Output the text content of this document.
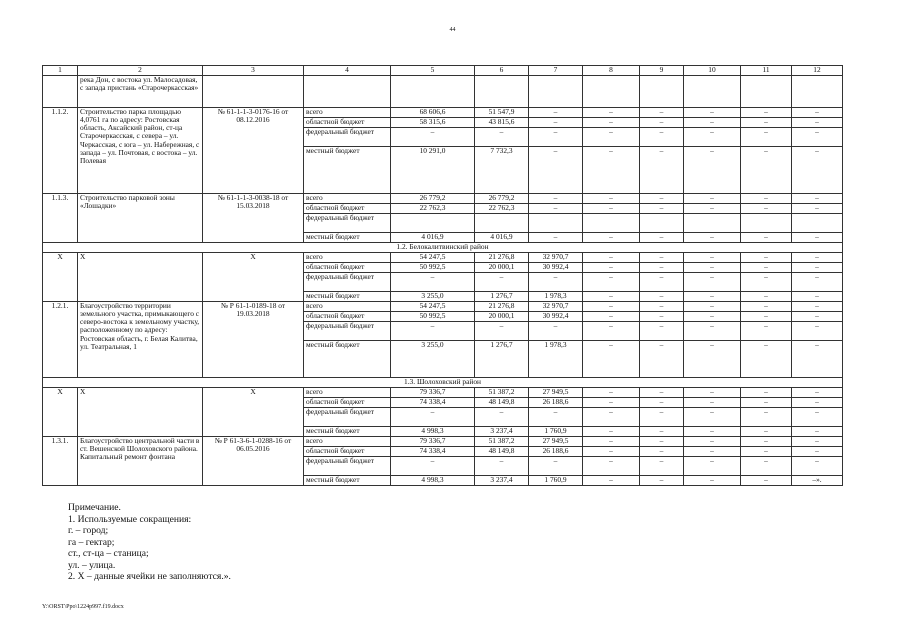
44
1	2	3	4	5	6	7	8	9	10	11	12
	река Дон, с востока ул. Малосадовая, с запада пристань «Старочеркасская»										
1.1.2.	Строительство парка площадью 4,0761 га по адресу: Ростовская область, Аксайский район, ст-ца Старочеркасская, с севера – ул. Черкасская, с юга – ул. Набережная, с запада – ул. Почтовая, с востока – ул. Полевая	№ 61-1-1-3-0176-16 от 08.12.2016	всего	68 606,6	51 547,9	–	–	–	–	–	–
			областной бюджет	58 315,6	43 815,6	–	–	–	–	–	–
			федеральный бюджет	–	–	–	–	–	–	–	–
			местный бюджет	10 291,0	7 732,3	–	–	–	–	–	–
1.1.3.	Строительство парковой зоны «Лошадки»	№ 61-1-1-3-0038-18 от 15.03.2018	всего	26 779,2	26 779,2	–	–	–	–	–	–
			областной бюджет	22 762,3	22 762,3	–	–	–	–	–	–
			федеральный бюджет								
			местный бюджет	4 016,9	4 016,9	–	–	–	–	–	–
1.2. Белокалитвинский район											
Х	Х	Х	всего	54 247,5	21 276,8	32 970,7	–	–	–	–	–
			областной бюджет	50 992,5	20 000,1	30 992,4	–	–	–	–	–
			федеральный бюджет	–	–	–	–	–	–	–	–
			местный бюджет	3 255,0	1 276,7	1 978,3	–	–	–	–	–
1.2.1.	Благоустройство территории земельного участка, примыкающего с северо-востока к земельному участку, расположенному по адресу: Ростовская область, г. Белая Калитва, ул. Театральная, 1	№ Р 61-1-0189-18 от 19.03.2018	всего	54 247,5	21 276,8	32 970,7	–	–	–	–	–
			областной бюджет	50 992,5	20 000,1	30 992,4	–	–	–	–	–
			федеральный бюджет	–	–	–	–	–	–	–	–
			местный бюджет	3 255,0	1 276,7	1 978,3	–	–	–	–	–
1.3. Шолоховский район											
Х	Х	Х	всего	79 336,7	51 387,2	27 949,5	–	–	–	–	–
			областной бюджет	74 338,4	48 149,8	26 188,6	–	–	–	–	–
			федеральный бюджет	–	–	–	–	–	–	–	–
			местный бюджет	4 998,3	3 237,4	1 760,9	–	–	–	–	–
1.3.1.	Благоустройство центральной части в ст. Вешенской Шолоховского района. Капитальный ремонт фонтана	№ Р 61-3-6-1-0288-16 от 06.05.2016	всего	79 336,7	51 387,2	27 949,5	–	–	–	–	–
			областной бюджет	74 338,4	48 149,8	26 188,6	–	–	–	–	–
			федеральный бюджет	–	–	–	–	–	–	–	–
			местный бюджет	4 998,3	3 237,4	1 760,9	–	–	–	–	–».
Примечание.
1. Используемые сокращения:
г. – город;
га – гектар;
ст., ст-ца – станица;
ул. – улица.
2. Х – данные ячейки не заполняются.».
Y:\ORST\Ppo\1224p997.f19.docx
